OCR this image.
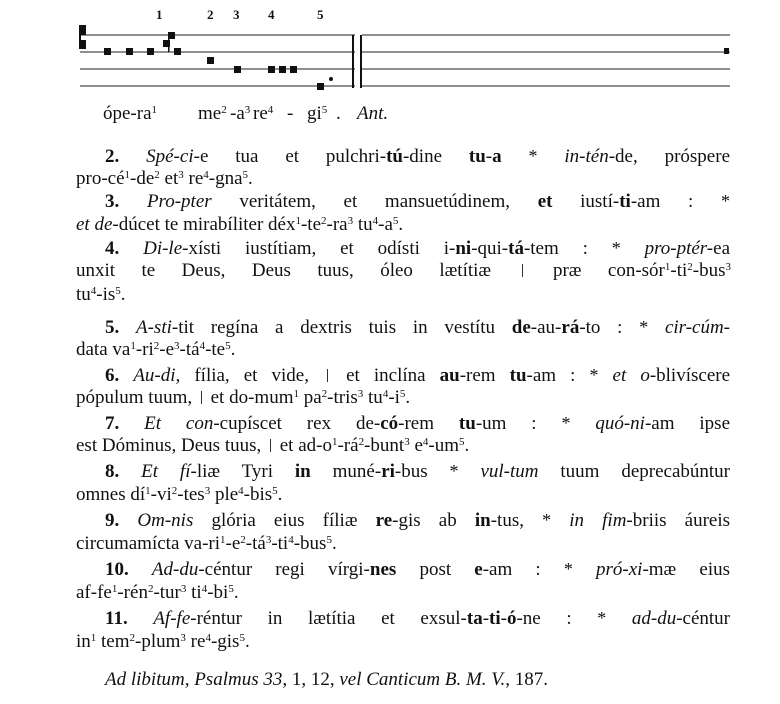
1	2 3 4	5
ópe-$ra^1$ $me^2$ $-a^3$ $re^4 - gi^5$ . Ant.
2. Spé-ci-e tua et pulchri-tú-dine tu-a * in-tén-de, próspere
pro-$cé^1-de^2$ $et^3$ $re^4-gna^5$.
3. Pro-pter veritátem, et mansuetúdinem, et iustí-ti-am : *
et de-dúcet te mirabíliter $déx^1-te^2-ra^3$ $tu^4-a^5$.
4. Di-le-xísti iustítiam, et odísti i-ni-qui-tá-tem : * pro-ptér-ea
unxit te Deus, Deus tuus, óleo lætítiæ  præ con-$sór^1-ti^2-bus^3$
$tu^4-is^5$.
5. A-sti-tit regína a dextris tuis in vestítu de-au-rá-to : * cir-cúm-
data $va^1-ri^2-e^3-tá^4-te^5$.
6. Au-di, fília, et vide,  et inclína au-rem tu-am : * et o-blivíscere
pópulum tuum,  et do-mum$^1$ $pa^2-tris^3$ $tu^4-i^5$.
7. Et con-cupíscet rex de-có-rem tu-um : * quó-ni-am ipse
est Dóminus, Deus tuus,  et $ad-o^1-rá^2-bunt^3$ $e^4-um^5$.
8. Et fí-liæ Tyri in muné-ri-bus * vul-tum tuum deprecabúntur
omnes $dí^1-vi^2-tes^3$ ple$^4$-bis$^5$.
9. Om-nis glória eius fíliæ re-gis ab in-tus, * in fim-briis áureis
circumamícta $va-ri^1-e^2-tá^3-ti^4-bus^5$.
10. Ad-du-céntur regi vírgi-nes post e-am : * pró-xi-mæ eius
$af-fe^1-rén^2-tur^3$ $ti^4-bi^5$.
11. Af-fe-réntur in lætítia et exsul-ta-ti-ó-ne : * ad-du-céntur
$in^1$ tem$^2$-plum$^3$ $re^4-gis^5$.
Ad libitum, Psalmus 33, 1, 12, vel Canticum B. M. V., 187.
